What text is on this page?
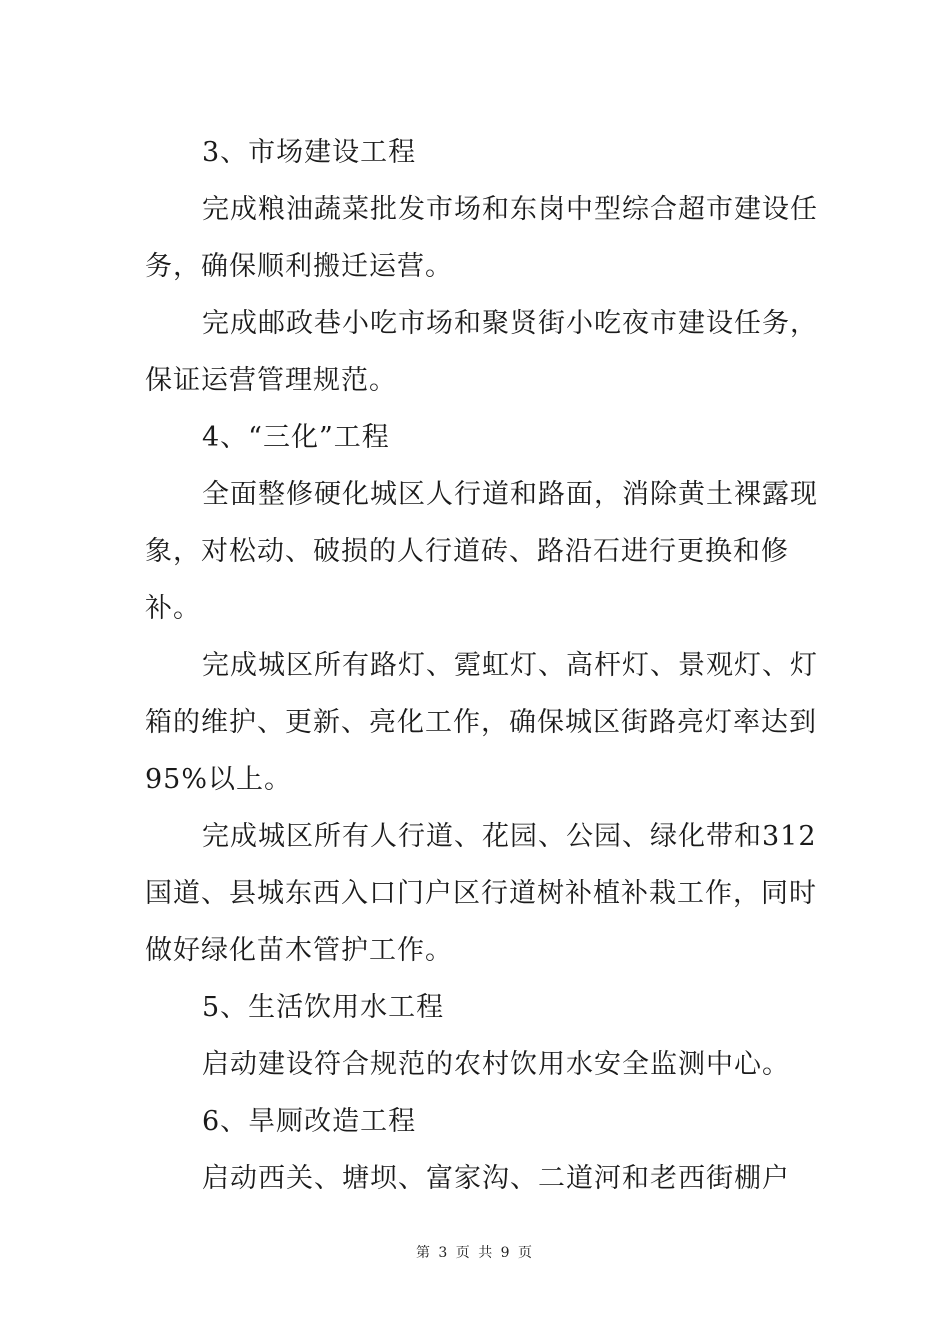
3、市场建设工程

完成粮油蔬菜批发市场和东岗中型综合超市建设任务，确保顺利搬迁运营。

完成邮政巷小吃市场和聚贤街小吃夜市建设任务，保证运营管理规范。

4、“三化”工程

全面整修硬化城区人行道和路面，消除黄土裸露现象，对松动、破损的人行道砖、路沿石进行更换和修补。

完成城区所有路灯、霓虹灯、高杆灯、景观灯、灯箱的维护、更新、亮化工作，确保城区街路亮灯率达到95%以上。

完成城区所有人行道、花园、公园、绿化带和312国道、县城东西入口门户区行道树补植补栽工作，同时做好绿化苗木管护工作。

5、生活饮用水工程

启动建设符合规范的农村饮用水安全监测中心。

6、旱厕改造工程

启动西关、塘坝、富家沟、二道河和老西街棚户

第 3 页 共 9 页
